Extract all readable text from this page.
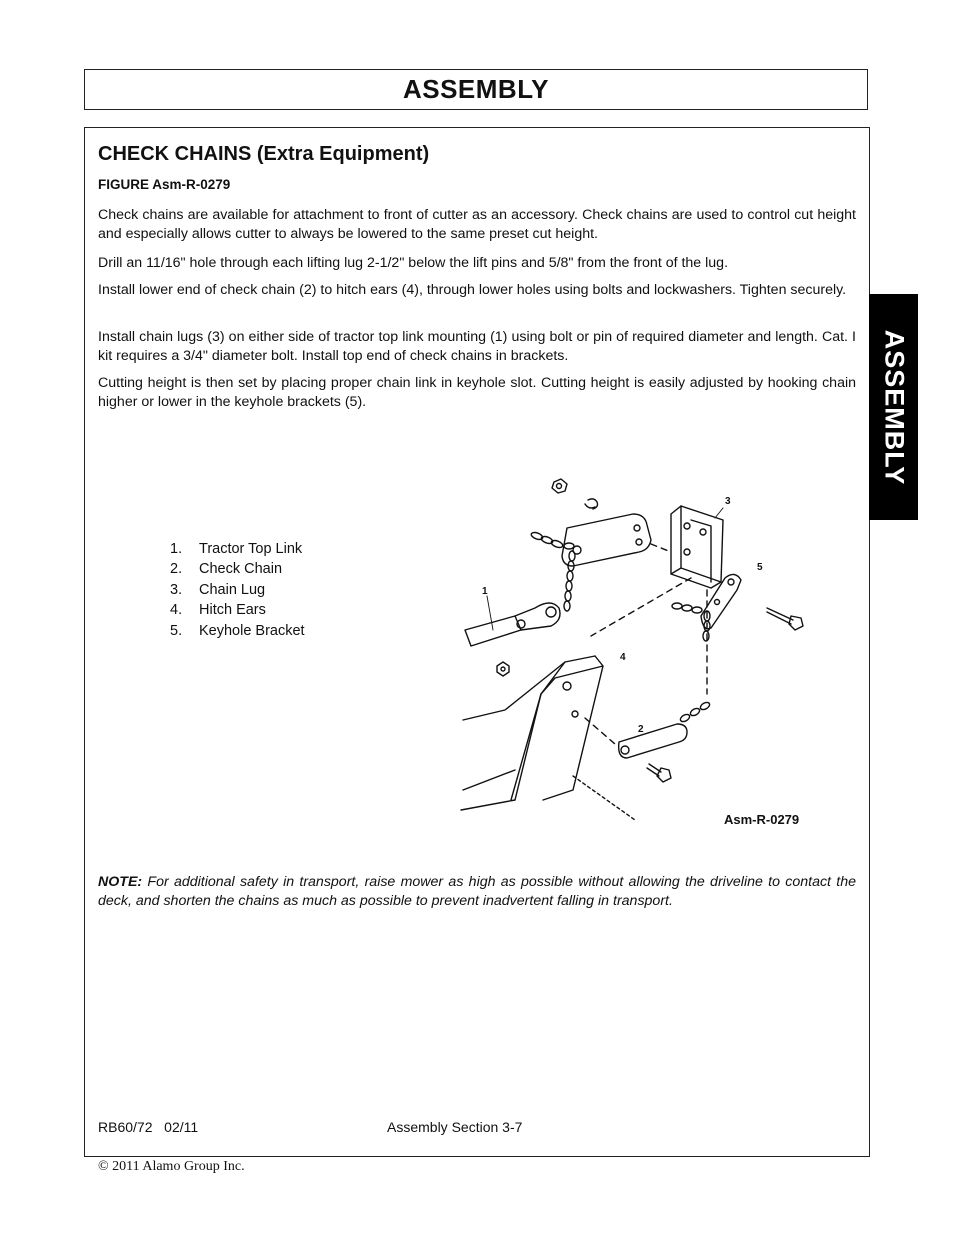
ASSEMBLY
ASSEMBLY
CHECK CHAINS (Extra Equipment)
FIGURE Asm-R-0279

Check chains are available for attachment to front of cutter as an accessory. Check chains are used to control cut height and especially allows cutter to always be lowered to the same preset cut height.

Drill an 11/16" hole through each lifting lug 2-1/2" below the lift pins and 5/8" from the front of the lug.

Install lower end of check chain (2) to hitch ears (4), through lower holes using bolts and lockwashers. Tighten securely.

Install chain lugs (3) on either side of tractor top link mounting (1) using bolt or pin of required diameter and length. Cat. I kit requires a 3/4" diameter bolt. Install top end of check chains in brackets.

Cutting height is then set by placing proper chain link in keyhole slot. Cutting height is easily adjusted by hooking chain higher or lower in the keyhole brackets (5).

1.	Tractor Top Link
2.	Check Chain
3.	Chain Lug
4.	Hitch Ears
5.	Keyhole Bracket
1
2
3
4
5
Asm-R-0279

NOTE: For additional safety in transport, raise mower as high as possible without allowing the driveline to contact the deck, and shorten the chains as much as possible to prevent inadvertent falling in transport.

RB60/72   02/11	Assembly Section 3-7
© 2011 Alamo Group Inc.
